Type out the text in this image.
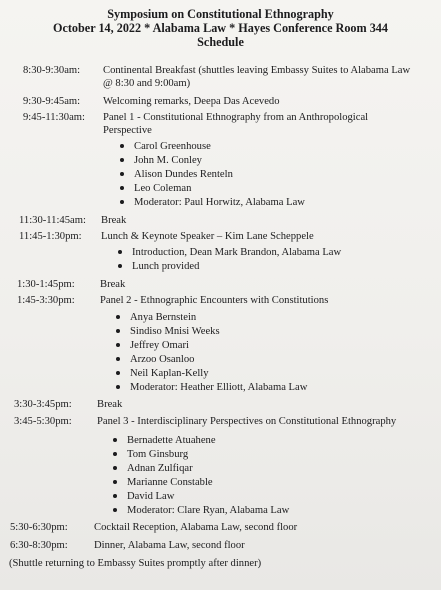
Symposium on Constitutional Ethnography
October 14, 2022 * Alabama Law * Hayes Conference Room 344
Schedule
8:30-9:30am: Continental Breakfast (shuttles leaving Embassy Suites to Alabama Law
@ 8:30 and 9:00am)
9:30-9:45am: Welcoming remarks, Deepa Das Acevedo
9:45-11:30am: Panel 1 - Constitutional Ethnography from an Anthropological
Perspective
Carol Greenhouse
John M. Conley
Alison Dundes Renteln
Leo Coleman
Moderator: Paul Horwitz, Alabama Law
11:30-11:45am: Break
11:45-1:30pm: Lunch & Keynote Speaker – Kim Lane Scheppele
Introduction, Dean Mark Brandon, Alabama Law
Lunch provided
1:30-1:45pm: Break
1:45-3:30pm: Panel 2 - Ethnographic Encounters with Constitutions
Anya Bernstein
Sindiso Mnisi Weeks
Jeffrey Omari
Arzoo Osanloo
Neil Kaplan-Kelly
Moderator: Heather Elliott, Alabama Law
3:30-3:45pm: Break
3:45-5:30pm: Panel 3 - Interdisciplinary Perspectives on Constitutional Ethnography
Bernadette Atuahene
Tom Ginsburg
Adnan Zulfiqar
Marianne Constable
David Law
Moderator: Clare Ryan, Alabama Law
5:30-6:30pm: Cocktail Reception, Alabama Law, second floor
6:30-8:30pm: Dinner, Alabama Law, second floor
(Shuttle returning to Embassy Suites promptly after dinner)
